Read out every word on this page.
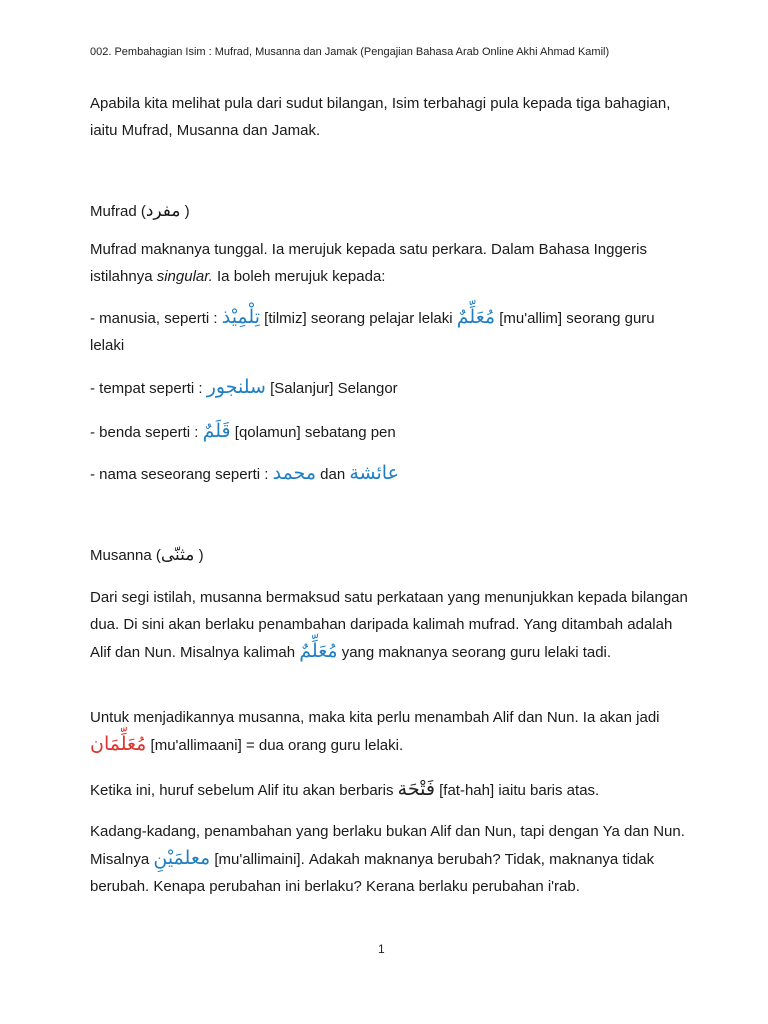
002. Pembahagian Isim : Mufrad, Musanna dan Jamak (Pengajian Bahasa Arab Online Akhi Ahmad Kamil)
Apabila kita melihat pula dari sudut bilangan, Isim terbahagi pula kepada tiga bahagian, iaitu Mufrad, Musanna dan Jamak.
Mufrad (مفرد )
Mufrad maknanya tunggal. Ia merujuk kepada satu perkara. Dalam Bahasa Inggeris istilahnya singular. Ia boleh merujuk kepada:
- manusia, seperti : تِلْمِيْذ [tilmiz] seorang pelajar lelaki مُعَلِّمٌ [mu'allim] seorang guru lelaki
- tempat seperti : سلنجور [Salanjur] Selangor
- benda seperti : قَلَمٌ [qolamun] sebatang pen
- nama seseorang seperti : محمد dan عائشة
Musanna (مثنّى )
Dari segi istilah, musanna bermaksud satu perkataan yang menunjukkan kepada bilangan dua. Di sini akan berlaku penambahan daripada kalimah mufrad. Yang ditambah adalah Alif dan Nun. Misalnya kalimah مُعَلِّمٌ yang maknanya seorang guru lelaki tadi.
Untuk menjadikannya musanna, maka kita perlu menambah Alif dan Nun. Ia akan jadi مُعَلِّمَان [mu'allimaani] = dua orang guru lelaki.
Ketika ini, huruf sebelum Alif itu akan berbaris فَتْحَة [fat-hah] iaitu baris atas.
Kadang-kadang, penambahan yang berlaku bukan Alif dan Nun, tapi dengan Ya dan Nun. Misalnya معلمَيْنِ [mu'allimaini]. Adakah maknanya berubah? Tidak, maknanya tidak berubah. Kenapa perubahan ini berlaku? Kerana berlaku perubahan i'rab.
1
